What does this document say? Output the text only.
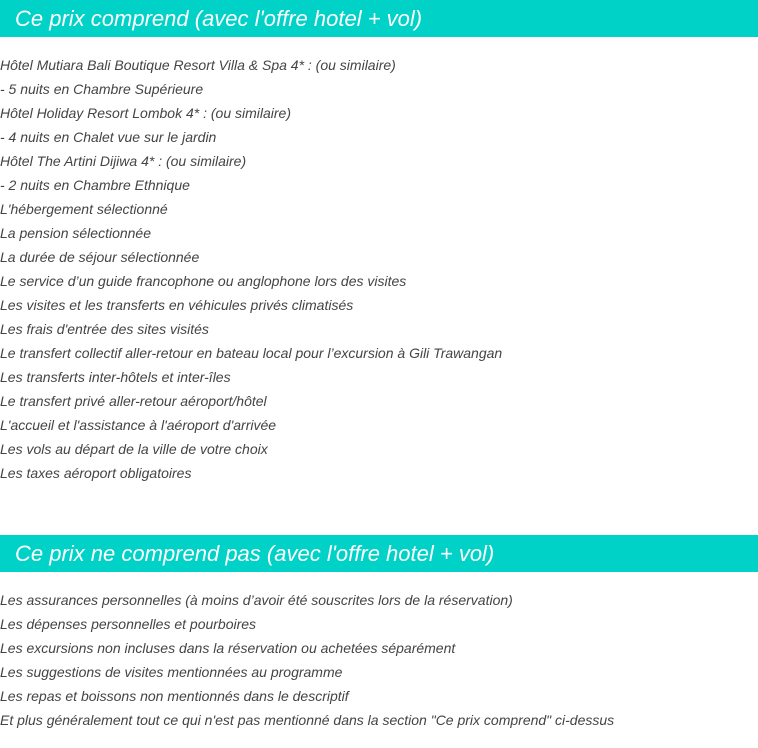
Ce prix comprend (avec l'offre hotel + vol)
Hôtel Mutiara Bali Boutique Resort Villa & Spa 4* : (ou similaire)
- 5 nuits en Chambre Supérieure
Hôtel Holiday Resort Lombok 4* : (ou similaire)
- 4 nuits en Chalet vue sur le jardin
Hôtel The Artini Dijiwa 4* : (ou similaire)
- 2 nuits en Chambre Ethnique
L'hébergement sélectionné
La pension sélectionnée
La durée de séjour sélectionnée
Le service d’un guide francophone ou anglophone lors des visites
Les visites et les transferts en véhicules privés climatisés
Les frais d'entrée des sites visités
Le transfert collectif aller-retour en bateau local pour l’excursion à Gili Trawangan
Les transferts inter-hôtels et inter-îles
Le transfert privé aller-retour aéroport/hôtel
L'accueil et l'assistance à l'aéroport d'arrivée
Les vols au départ de la ville de votre choix
Les taxes aéroport obligatoires
Ce prix ne comprend pas (avec l'offre hotel + vol)
Les assurances personnelles (à moins d’avoir été souscrites lors de la réservation)
Les dépenses personnelles et pourboires
Les excursions non incluses dans la réservation ou achetées séparément
Les suggestions de visites mentionnées au programme
Les repas et boissons non mentionnés dans le descriptif
Et plus généralement tout ce qui n'est pas mentionné dans la section "Ce prix comprend" ci-dessus
